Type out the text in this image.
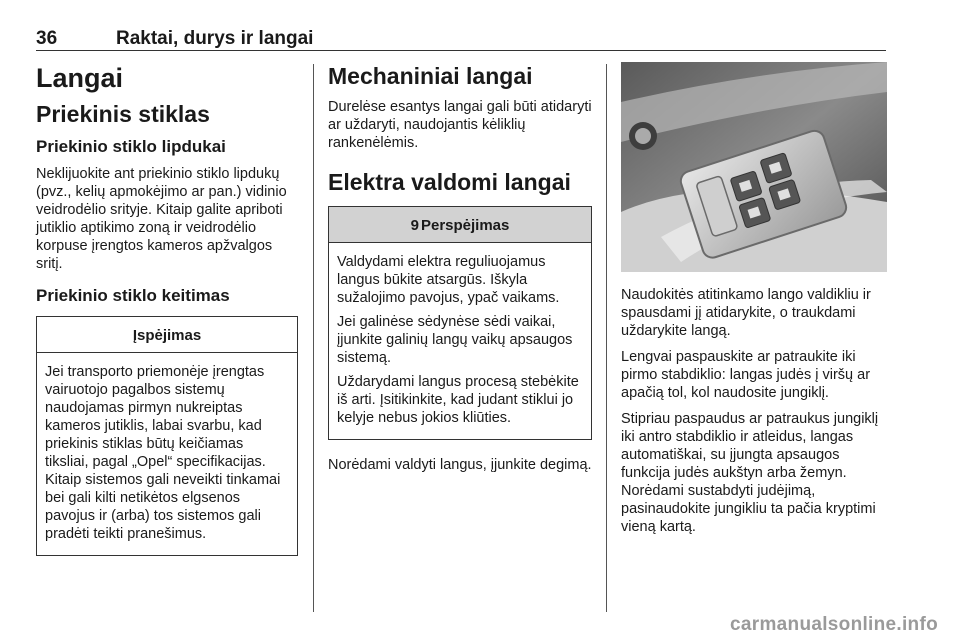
36	Raktai, durys ir langai
Langai
Priekinis stiklas
Priekinio stiklo lipdukai

Neklijuokite ant priekinio stiklo lipdukų (pvz., kelių apmokėjimo ar pan.) vidinio veidrodėlio srityje. Kitaip galite apriboti jutiklio aptikimo zoną ir veidrodėlio korpuse įrengtos kameros apžvalgos sritį.

Priekinio stiklo keitimas
Įspėjimas

Jei transporto priemonėje įrengtas vairuotojo pagalbos sistemų naudojamas pirmyn nukreiptas kameros jutiklis, labai svarbu, kad priekinis stiklas būtų keičiamas tiksliai, pagal „Opel“ specifikacijas. Kitaip sistemos gali neveikti tinkamai bei gali kilti netikėtos elgsenos pavojus ir (arba) tos sistemos gali pradėti teikti pranešimus.

Mechaniniai langai

Durelėse esantys langai gali būti atidaryti ar uždaryti, naudojantis kėliklių rankenėlėmis.

Elektra valdomi langai
9 Perspėjimas

Valdydami elektra reguliuojamus langus būkite atsargūs. Iškyla sužalojimo pavojus, ypač vaikams.

Jei galinėse sėdynėse sėdi vaikai, įjunkite galinių langų vaikų apsaugos sistemą.

Uždarydami langus procesą stebėkite iš arti. Įsitikinkite, kad judant stiklui jo kelyje nebus jokios kliūties.

Norėdami valdyti langus, įjunkite degimą.

Naudokitės atitinkamo lango valdikliu ir spausdami jį atidarykite, o traukdami uždarykite langą.

Lengvai paspauskite ar patraukite iki pirmo stabdiklio: langas judės į viršų ar apačią tol, kol naudosite jungiklį.

Stipriau paspaudus ar patraukus jungiklį iki antro stabdiklio ir atleidus, langas automatiškai, su įjungta apsaugos funkcija judės aukštyn arba žemyn. Norėdami sustabdyti judėjimą, pasinaudokite jungikliu ta pačia kryptimi vieną kartą.

carmanualsonline.info
